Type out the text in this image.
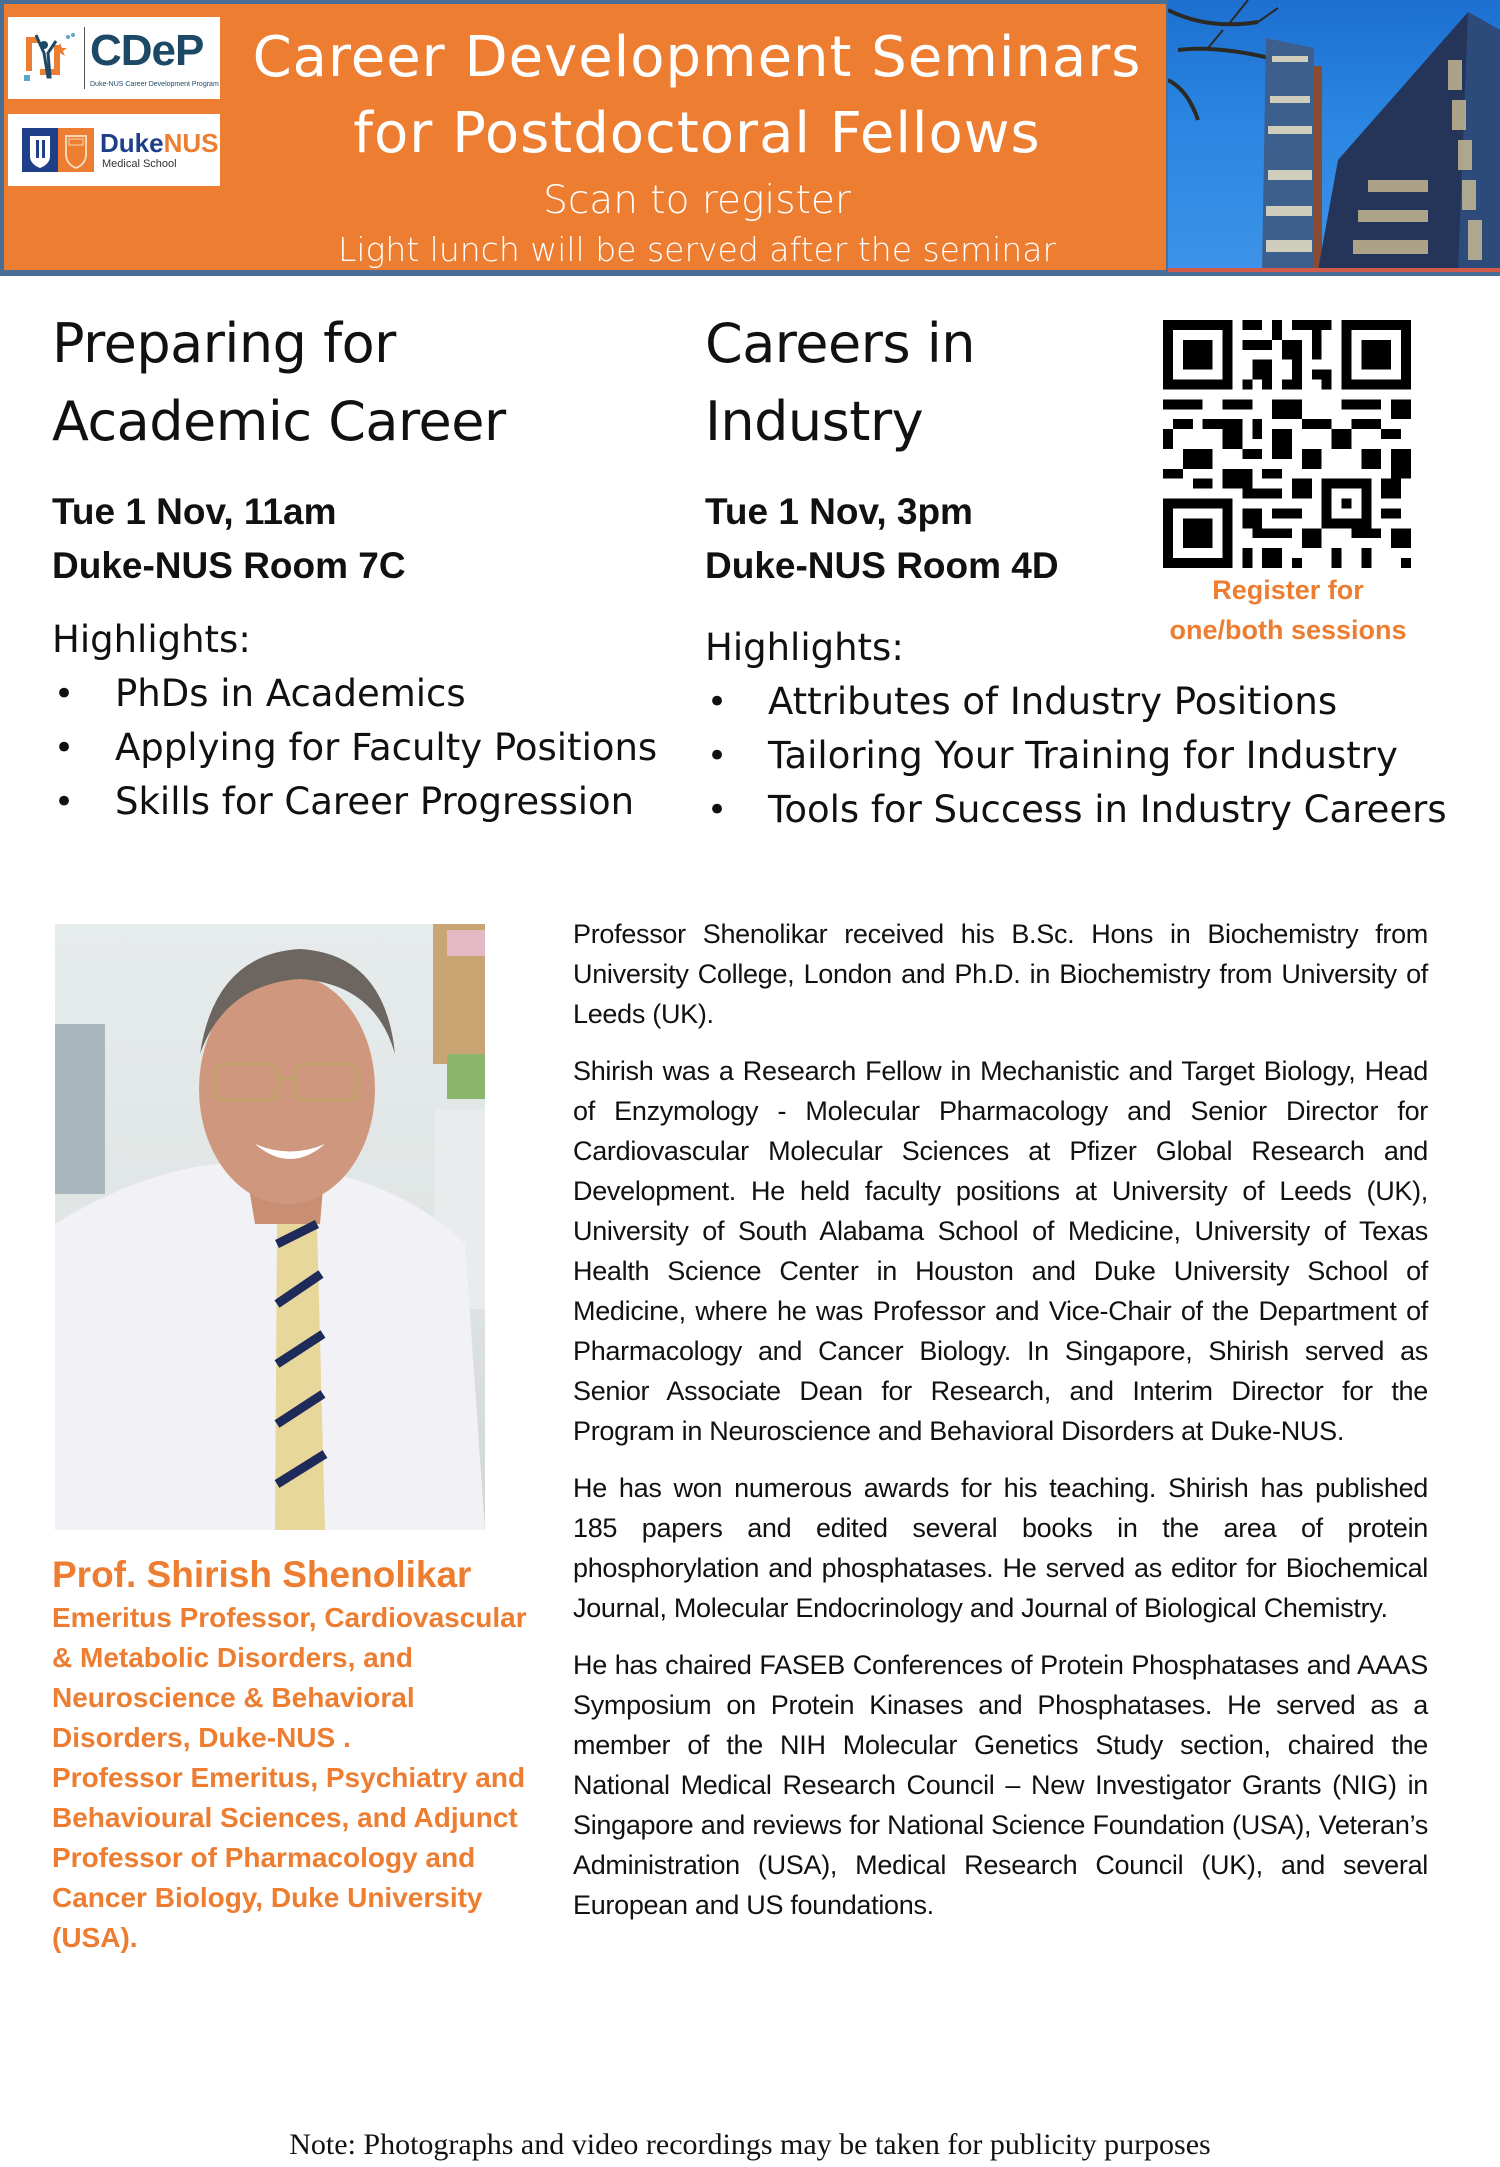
CDeP
Duke-NUS Career Development Program
DukeNUS
Medical School
Career Development Seminars
for Postdoctoral Fellows
Scan to register
Light lunch will be served after the seminar
Preparing for
Academic Career
Tue 1 Nov, 11am
Duke-NUS Room 7C
Highlights:
• PhDs in Academics
• Applying for Faculty Positions
• Skills for Career Progression
Careers in
Industry
Tue 1 Nov, 3pm
Duke-NUS Room 4D
Highlights:
• Attributes of Industry Positions
• Tailoring Your Training for Industry
• Tools for Success in Industry Careers
Register for
one/both sessions
Prof. Shirish Shenolikar
Emeritus Professor, Cardiovascular
& Metabolic Disorders, and
Neuroscience & Behavioral
Disorders, Duke-NUS .
Professor Emeritus, Psychiatry and
Behavioural Sciences, and Adjunct
Professor of Pharmacology and
Cancer Biology, Duke University
(USA).

Professor Shenolikar received his B.Sc. Hons in Biochemistry from University College, London and Ph.D. in Biochemistry from University of Leeds (UK).

Shirish was a Research Fellow in Mechanistic and Target Biology, Head of Enzymology - Molecular Pharmacology and Senior Director for Cardiovascular Molecular Sciences at Pfizer Global Research and Development. He held faculty positions at University of Leeds (UK), University of South Alabama School of Medicine, University of Texas Health Science Center in Houston and Duke University School of Medicine, where he was Professor and Vice-Chair of the Department of Pharmacology and Cancer Biology. In Singapore, Shirish served as Senior Associate Dean for Research, and Interim Director for the Program in Neuroscience and Behavioral Disorders at Duke-NUS.

He has won numerous awards for his teaching. Shirish has published 185 papers and edited several books in the area of protein phosphorylation and phosphatases. He served as editor for Biochemical Journal, Molecular Endocrinology and Journal of Biological Chemistry.

He has chaired FASEB Conferences of Protein Phosphatases and AAAS Symposium on Protein Kinases and Phosphatases. He served as a member of the NIH Molecular Genetics Study section, chaired the National Medical Research Council – New Investigator Grants (NIG) in Singapore and reviews for National Science Foundation (USA), Veteran’s Administration (USA), Medical Research Council (UK), and several European and US foundations.

Note: Photographs and video recordings may be taken for publicity purposes
